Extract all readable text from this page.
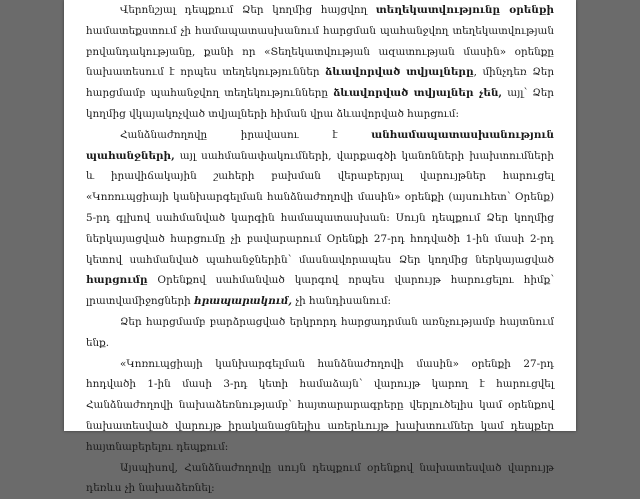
Վերոնշյալ դեպքում Ձեր կողմից հայցվող տեղեկատվությունը օրենքի համատեքստում չի համապատասխանում հարցման պահանջվող տեղեկատվության բովանդակությանը, քանի որ «Տեղեկատվության ազատության մասին» օրենքը նախատեսում է որպես տեղեկություններ ձևավորված տվյալները, մինչդեռ Ձեր հարցմամբ պահանջվող տեղեկությունները ձևավորված տվյալներ չեն, այլ՝ Ձեր կողմից վկայակոչված տվյալների հիման վրա ձևավորված հարցում:

Հանձնաժողովը իրավասու է անհամապատասխանություն պահանջների, այլ սահմանափակումների, վարքագծի կանոնների խախտումների և իրավիճակային շահերի բախման վերաբերյալ վարույթներ հարուցել «Կոռուպցիայի կանխարգելման հանձնաժողովի մասին» օրենքի (այսուհետ՝ Օրենք) 5-րդ գլխով սահմանված կարգին համապատասխան: Սույն դեպքում Ձեր կողմից ներկայացված հարցումը չի բավարարում Օրենքի 27-րդ հոդվածի 1-ին մասի 2-րդ կետով սահմանված պահանջներին՝ մասնավորապես Ձեր կողմից ներկայացված հարցումը Օրենքով սահմանված կարգով որպես վարույթ հարուցելու հիմք՝ լրատվամիջոցների հրապարակում, չի հանդիսանում:

Ձեր հարցմամբ բարձրացված երկրորդ հարցադրման առնչությամբ հայտնում ենք.

«Կոռուպցիայի կանխարգելման հանձնաժողովի մասին» օրենքի 27-րդ հոդվածի 1-ին մասի 3-րդ կետի համաձայն՝ վարույթ կարող է հարուցվել Հանձնաժողովի նախաձեռնությամբ՝ հայտարարագրերը վերլուծելիս կամ օրենքով նախատեսված վարույթ իրականացնելիս առերևույթ խախտումներ կամ դեպքեր հայտնաբերելու դեպքում:

Այսպիսով, Հանձնաժողովը սույն դեպքում օրենքով նախատեսված վարույթ դեռևս չի նախաձեռնել:
